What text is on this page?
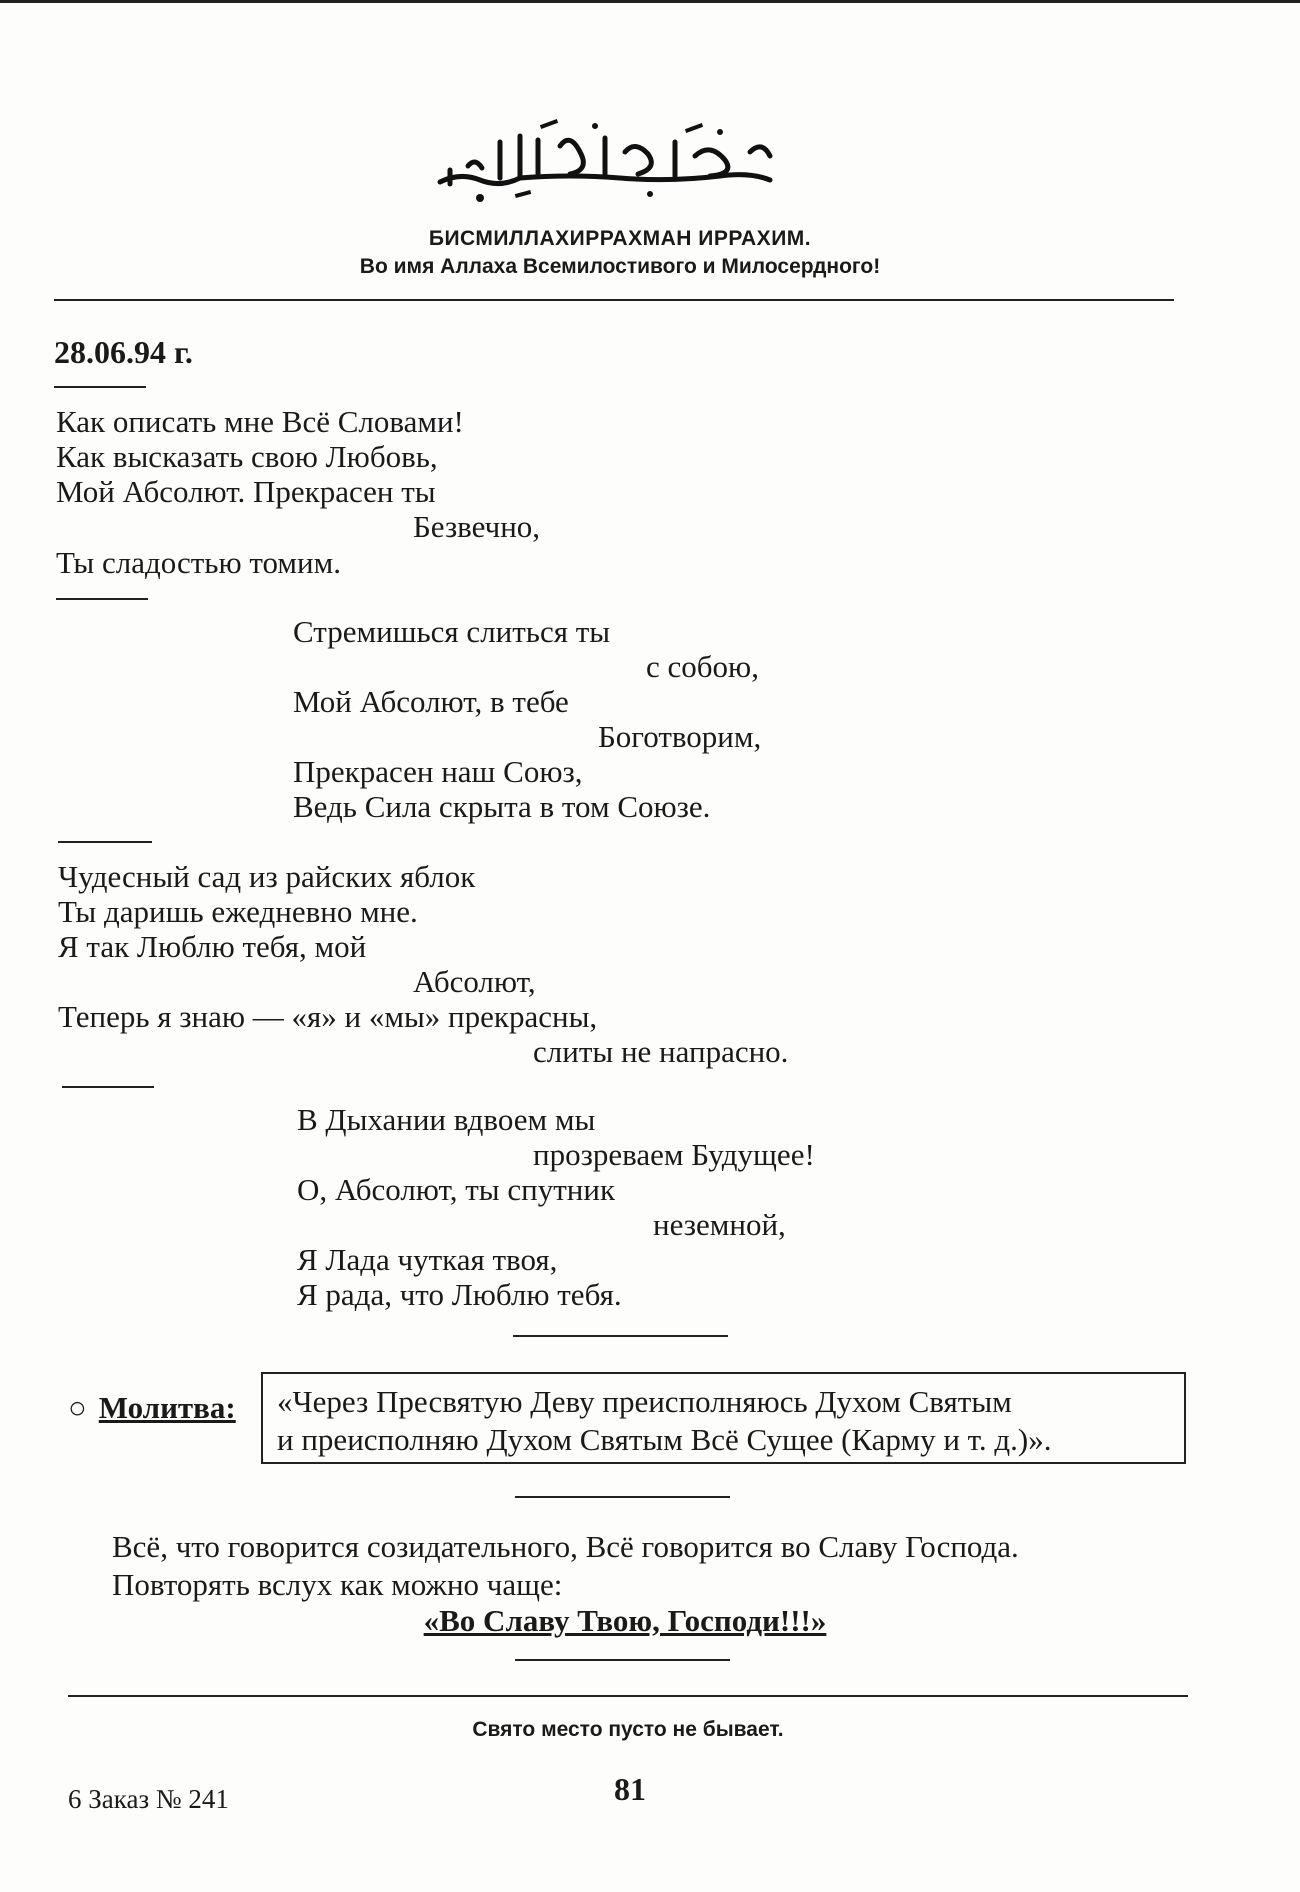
БИСМИЛЛАХИРРАХМАН ИРРАХИМ.
Во имя Аллаха Всемилостивого и Милосердного!
28.06.94 г.
Как описать мне Всё Словами!
Как высказать свою Любовь,
Мой Абсолют. Прекрасен ты
Безвечно,
Ты сладостью томим.
Стремишься слиться ты
с собою,
Мой Абсолют, в тебе
Боготворим,
Прекрасен наш Союз,
Ведь Сила скрыта в том Союзе.
Чудесный сад из райских яблок
Ты даришь ежедневно мне.
Я так Люблю тебя, мой
Абсолют,
Теперь я знаю — «я» и «мы» прекрасны,
слиты не напрасно.
В Дыхании вдвоем мы
прозреваем Будущее!
О, Абсолют, ты спутник
неземной,
Я Лада чуткая твоя,
Я рада, что Люблю тебя.
○ Молитва: «Через Пресвятую Деву преисполняюсь Духом Святым
и преисполняю Духом Святым Всё Сущее (Карму и т. д.)».
Всё, что говорится созидательного, Всё говорится во Славу Господа.
Повторять вслух как можно чаще:
«Во Славу Твою, Господи!!!»
Свято место пусто не бывает.
6 Заказ № 241	81
